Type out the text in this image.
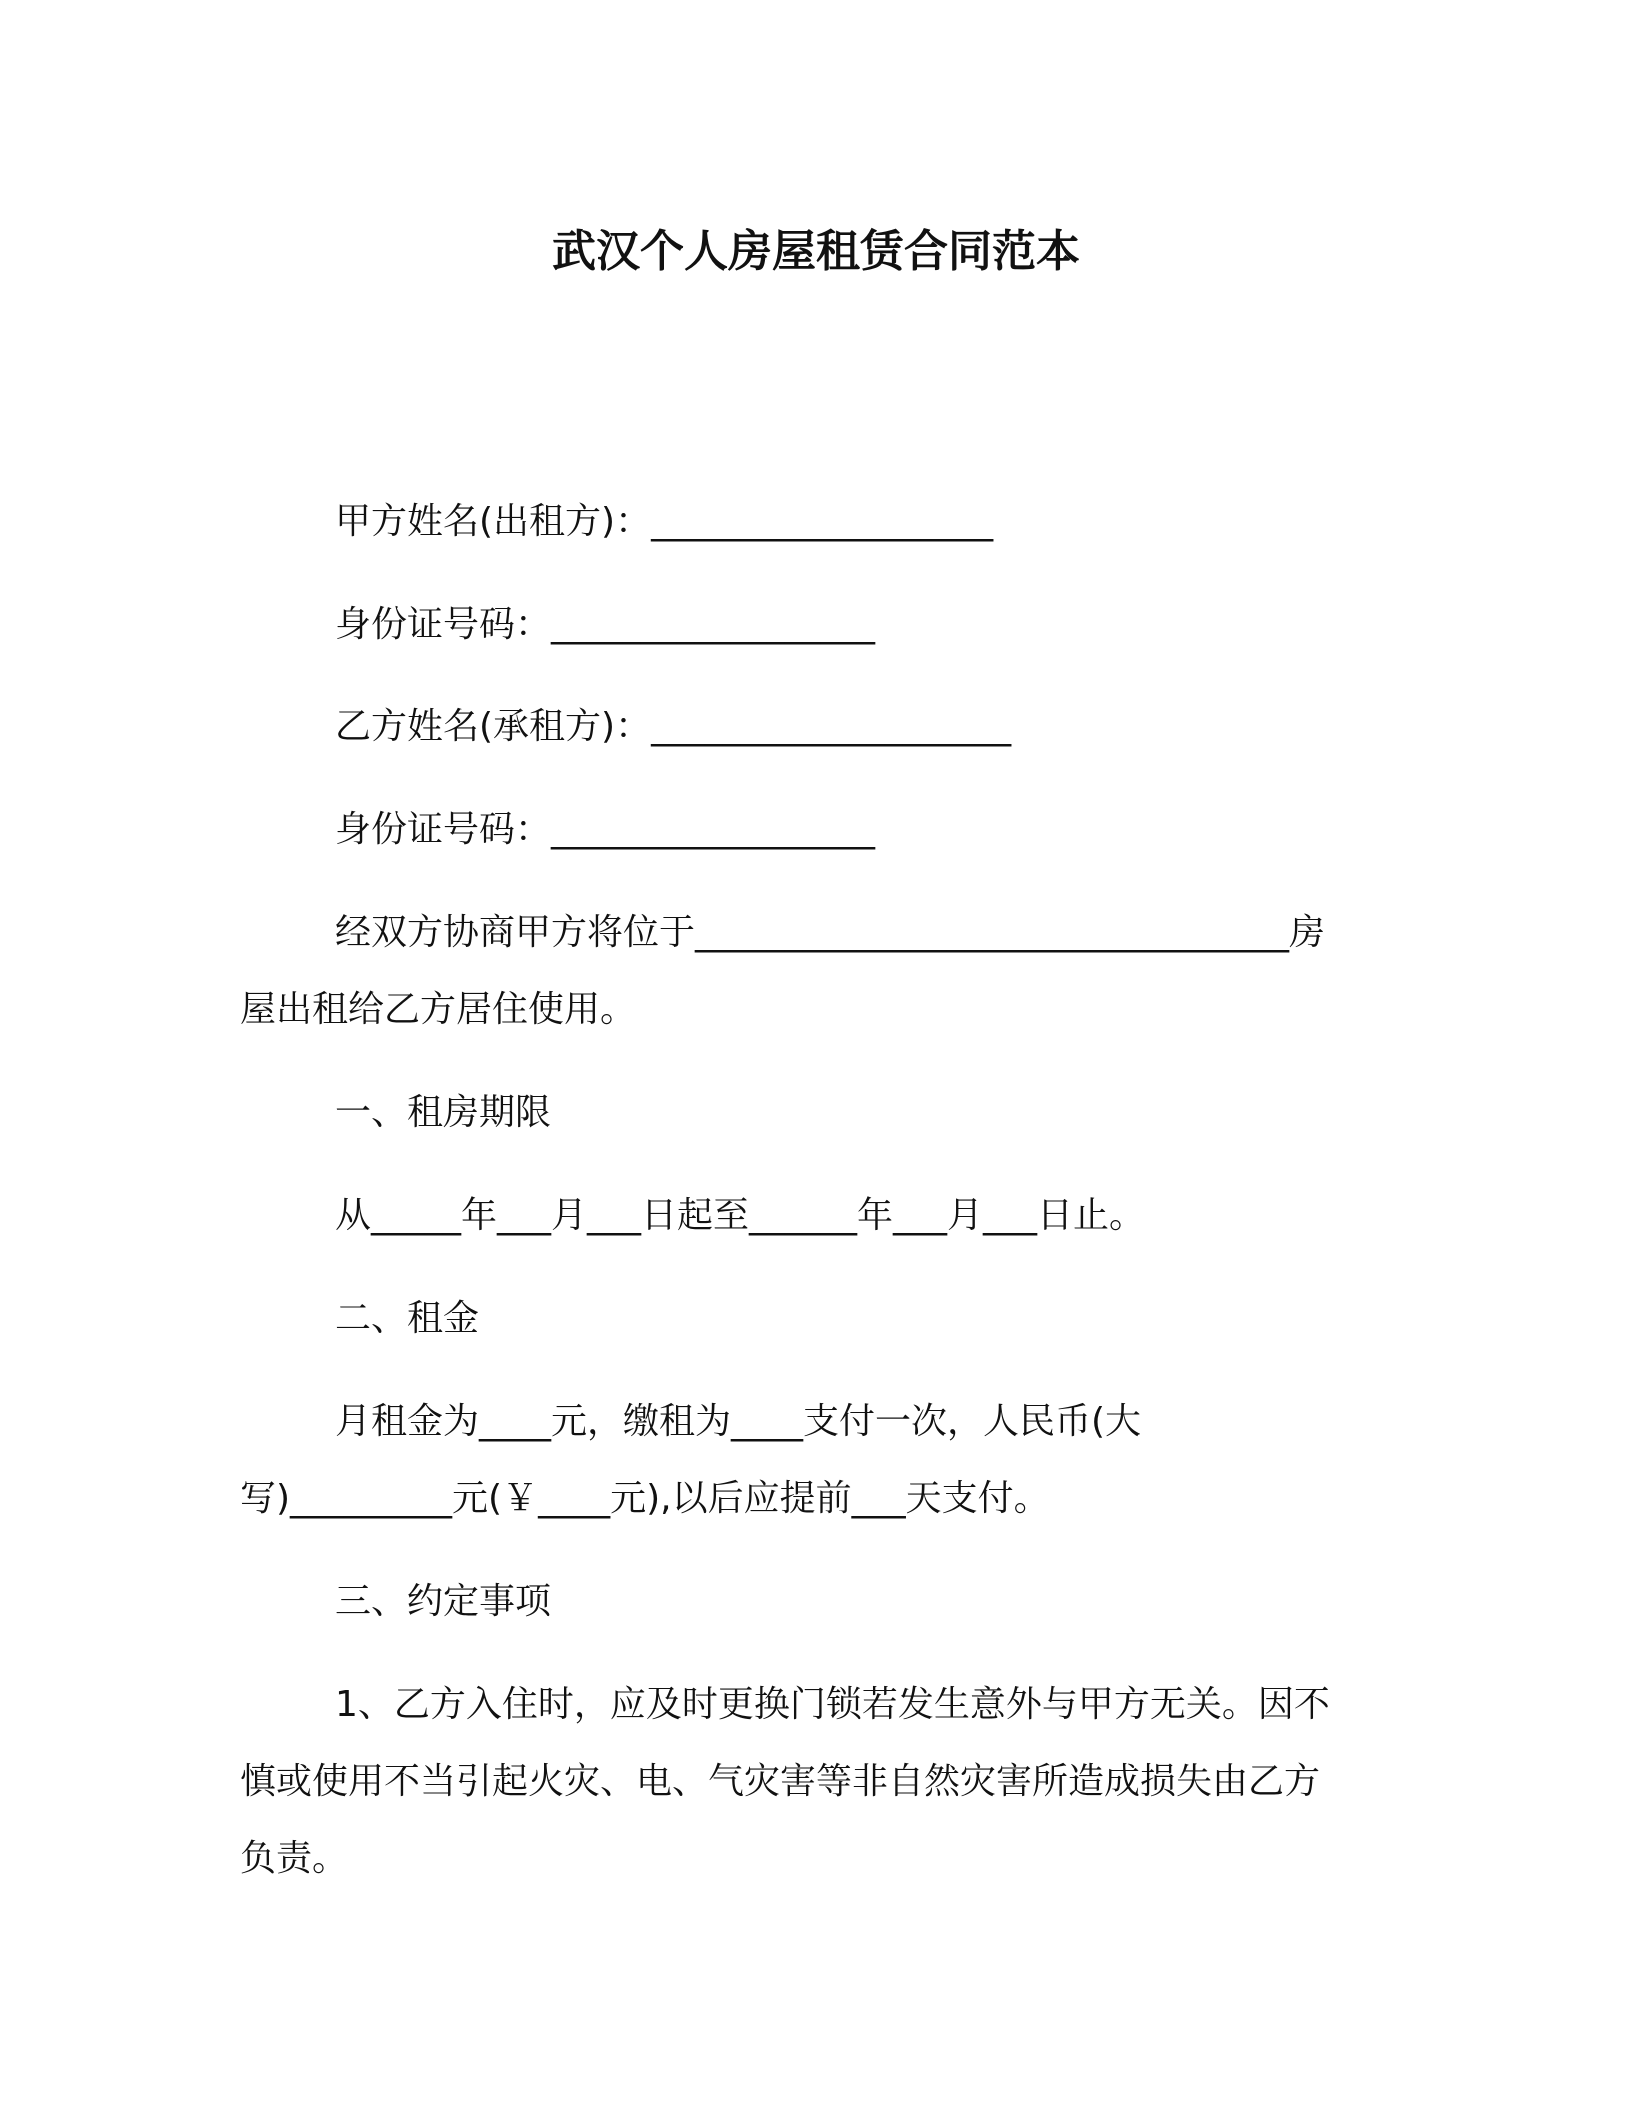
武汉个人房屋租赁合同范本
甲方姓名(出租方)：___________________
身份证号码：__________________
乙方姓名(承租方)：____________________
身份证号码：__________________
经双方协商甲方将位于_________________________________房
屋出租给乙方居住使用。
一、租房期限
从_____年___月___日起至______年___月___日止。
二、租金
月租金为____元，缴租为____支付一次，人民币(大
写)_________元(￥____元),以后应提前___天支付。
三、约定事项
1、乙方入住时，应及时更换门锁若发生意外与甲方无关。因不
慎或使用不当引起火灾、电、气灾害等非自然灾害所造成损失由乙方
负责。
